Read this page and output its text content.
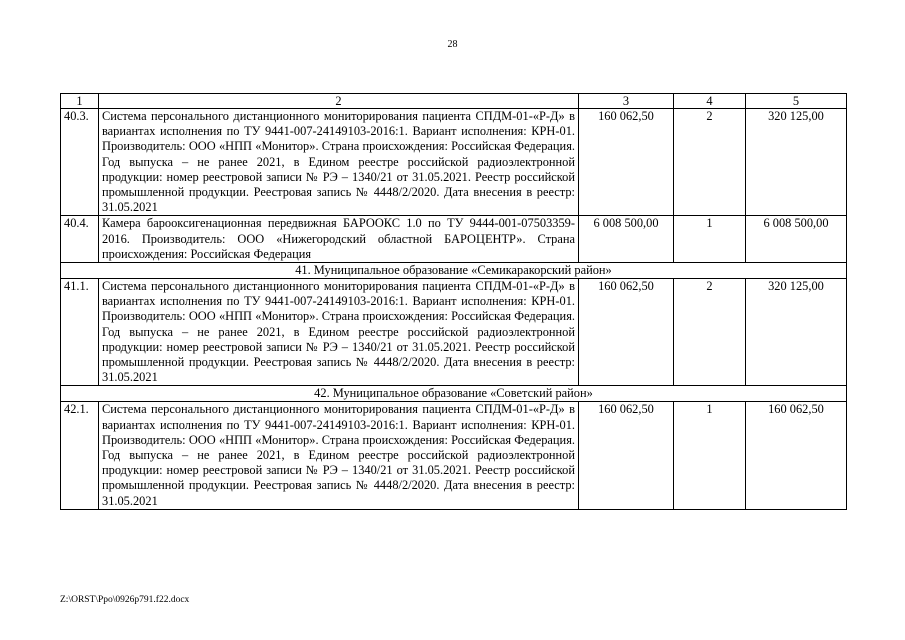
28
1	2	3	4	5
40.3.	Система персонального дистанционного мониторирования пациента СПДМ-01-«Р-Д» в вариантах исполнения по ТУ 9441-007-24149103-2016:1. Вариант исполнения: КРН-01. Производитель: ООО «НПП «Монитор». Страна происхождения: Российская Федерация. Год выпуска – не ранее 2021, в Едином реестре российской радиоэлектронной продукции: номер реестровой записи № РЭ – 1340/21 от 31.05.2021. Реестр российской промышленной продукции. Реестровая запись № 4448/2/2020. Дата внесения в реестр: 31.05.2021	160 062,50	2	320 125,00
40.4.	Камера барооксигенационная передвижная БАРООКС 1.0 по ТУ 9444-001-07503359-2016. Производитель: ООО «Нижегородский областной БАРОЦЕНТР». Страна происхождения: Российская Федерация	6 008 500,00	1	6 008 500,00
41. Муниципальное образование «Семикаракорский район»				
41.1.	Система персонального дистанционного мониторирования пациента СПДМ-01-«Р-Д» в вариантах исполнения по ТУ 9441-007-24149103-2016:1. Вариант исполнения: КРН-01. Производитель: ООО «НПП «Монитор». Страна происхождения: Российская Федерация. Год выпуска – не ранее 2021, в Едином реестре российской радиоэлектронной продукции: номер реестровой записи № РЭ – 1340/21 от 31.05.2021. Реестр российской промышленной продукции. Реестровая запись № 4448/2/2020. Дата внесения в реестр: 31.05.2021	160 062,50	2	320 125,00
42. Муниципальное образование «Советский район»				
42.1.	Система персонального дистанционного мониторирования пациента СПДМ-01-«Р-Д» в вариантах исполнения по ТУ 9441-007-24149103-2016:1. Вариант исполнения: КРН-01. Производитель: ООО «НПП «Монитор». Страна происхождения: Российская Федерация. Год выпуска – не ранее 2021, в Едином реестре российской радиоэлектронной продукции: номер реестровой записи № РЭ – 1340/21 от 31.05.2021. Реестр российской промышленной продукции. Реестровая запись № 4448/2/2020. Дата внесения в реестр: 31.05.2021	160 062,50	1	160 062,50
Z:\ORST\Ppo\0926p791.f22.docx
